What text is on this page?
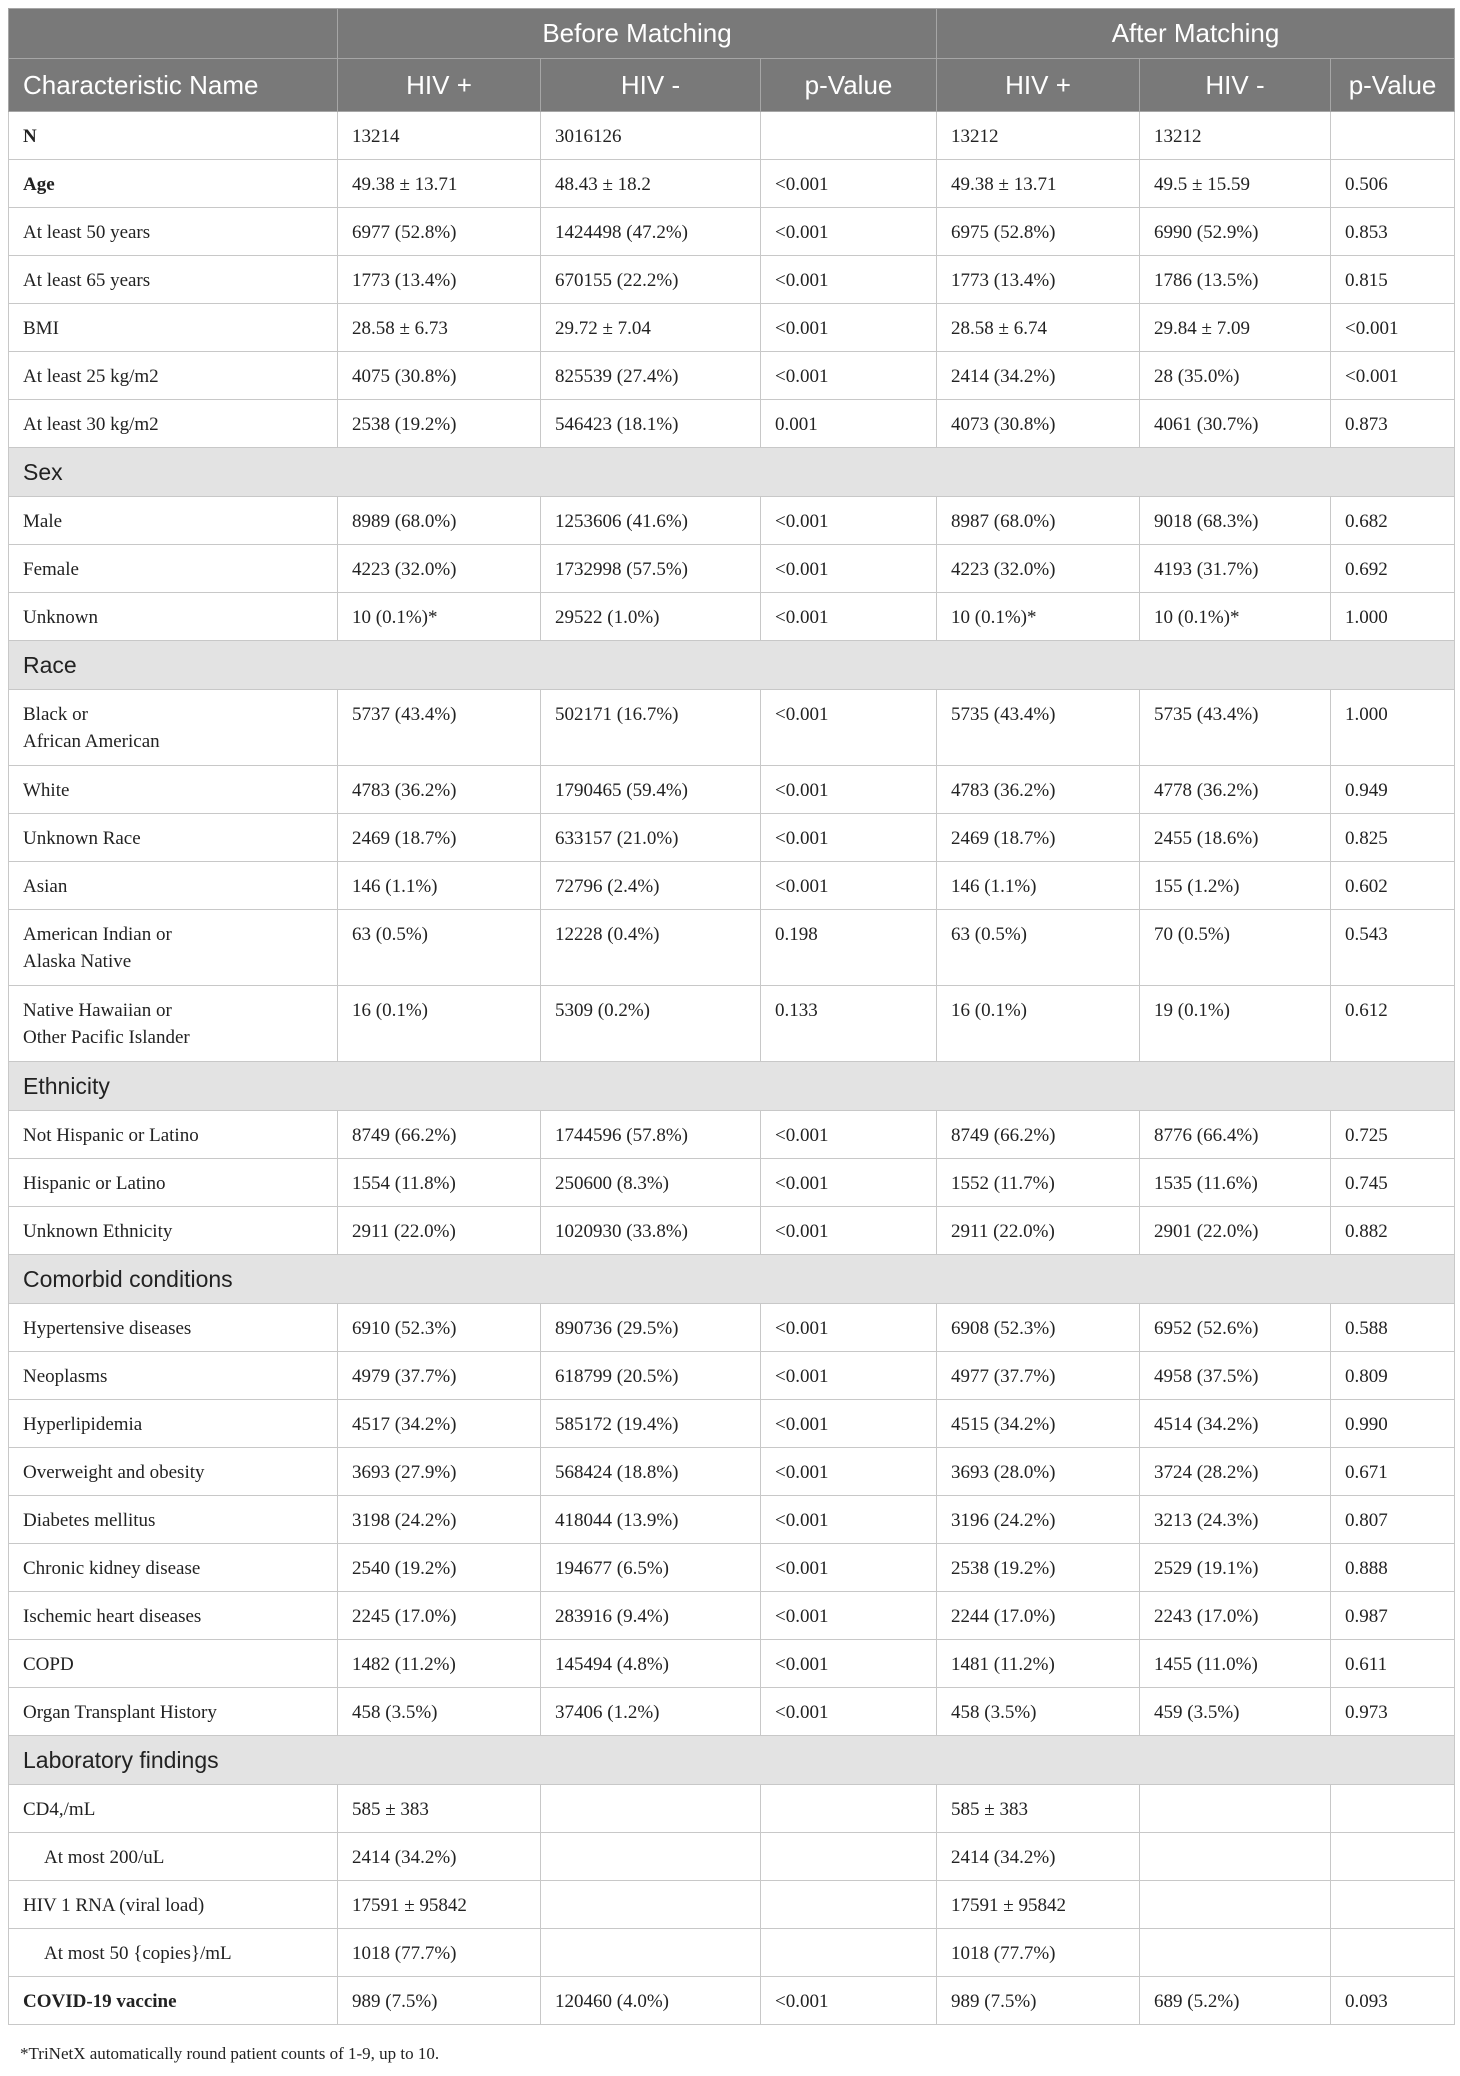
	Before Matching			After Matching		
Characteristic Name	HIV +	HIV -	p-Value	HIV +	HIV -	p-Value
N	13214	3016126		13212	13212	
Age	49.38 ± 13.71	48.43 ± 18.2	<0.001	49.38 ± 13.71	49.5 ± 15.59	0.506
At least 50 years	6977 (52.8%)	1424498 (47.2%)	<0.001	6975 (52.8%)	6990 (52.9%)	0.853
At least 65 years	1773 (13.4%)	670155 (22.2%)	<0.001	1773 (13.4%)	1786 (13.5%)	0.815
BMI	28.58 ± 6.73	29.72 ± 7.04	<0.001	28.58 ± 6.74	29.84 ± 7.09	<0.001
At least 25 kg/m2	4075 (30.8%)	825539 (27.4%)	<0.001	2414 (34.2%)	28 (35.0%)	<0.001
At least 30 kg/m2	2538 (19.2%)	546423 (18.1%)	0.001	4073 (30.8%)	4061 (30.7%)	0.873
Sex						
Male	8989 (68.0%)	1253606 (41.6%)	<0.001	8987 (68.0%)	9018 (68.3%)	0.682
Female	4223 (32.0%)	1732998 (57.5%)	<0.001	4223 (32.0%)	4193 (31.7%)	0.692
Unknown	10 (0.1%)*	29522 (1.0%)	<0.001	10 (0.1%)*	10 (0.1%)*	1.000
Race						
Black or
African American	5737 (43.4%)	502171 (16.7%)	<0.001	5735 (43.4%)	5735 (43.4%)	1.000
White	4783 (36.2%)	1790465 (59.4%)	<0.001	4783 (36.2%)	4778 (36.2%)	0.949
Unknown Race	2469 (18.7%)	633157 (21.0%)	<0.001	2469 (18.7%)	2455 (18.6%)	0.825
Asian	146 (1.1%)	72796 (2.4%)	<0.001	146 (1.1%)	155 (1.2%)	0.602
American Indian or
Alaska Native	63 (0.5%)	12228 (0.4%)	0.198	63 (0.5%)	70 (0.5%)	0.543
Native Hawaiian or
Other Pacific Islander	16 (0.1%)	5309 (0.2%)	0.133	16 (0.1%)	19 (0.1%)	0.612
Ethnicity						
Not Hispanic or Latino	8749 (66.2%)	1744596 (57.8%)	<0.001	8749 (66.2%)	8776 (66.4%)	0.725
Hispanic or Latino	1554 (11.8%)	250600 (8.3%)	<0.001	1552 (11.7%)	1535 (11.6%)	0.745
Unknown Ethnicity	2911 (22.0%)	1020930 (33.8%)	<0.001	2911 (22.0%)	2901 (22.0%)	0.882
Comorbid conditions						
Hypertensive diseases	6910 (52.3%)	890736 (29.5%)	<0.001	6908 (52.3%)	6952 (52.6%)	0.588
Neoplasms	4979 (37.7%)	618799 (20.5%)	<0.001	4977 (37.7%)	4958 (37.5%)	0.809
Hyperlipidemia	4517 (34.2%)	585172 (19.4%)	<0.001	4515 (34.2%)	4514 (34.2%)	0.990
Overweight and obesity	3693 (27.9%)	568424 (18.8%)	<0.001	3693 (28.0%)	3724 (28.2%)	0.671
Diabetes mellitus	3198 (24.2%)	418044 (13.9%)	<0.001	3196 (24.2%)	3213 (24.3%)	0.807
Chronic kidney disease	2540 (19.2%)	194677 (6.5%)	<0.001	2538 (19.2%)	2529 (19.1%)	0.888
Ischemic heart diseases	2245 (17.0%)	283916 (9.4%)	<0.001	2244 (17.0%)	2243 (17.0%)	0.987
COPD	1482 (11.2%)	145494 (4.8%)	<0.001	1481 (11.2%)	1455 (11.0%)	0.611
Organ Transplant History	458 (3.5%)	37406 (1.2%)	<0.001	458 (3.5%)	459 (3.5%)	0.973
Laboratory findings						
CD4,/mL	585 ± 383			585 ± 383		
At most 200/uL	2414 (34.2%)			2414 (34.2%)		
HIV 1 RNA (viral load)	17591 ± 95842			17591 ± 95842		
At most 50 {copies}/mL	1018 (77.7%)			1018 (77.7%)		
COVID-19 vaccine	989 (7.5%)	120460 (4.0%)	<0.001	989 (7.5%)	689 (5.2%)	0.093
*TriNetX automatically round patient counts of 1-9, up to 10.
